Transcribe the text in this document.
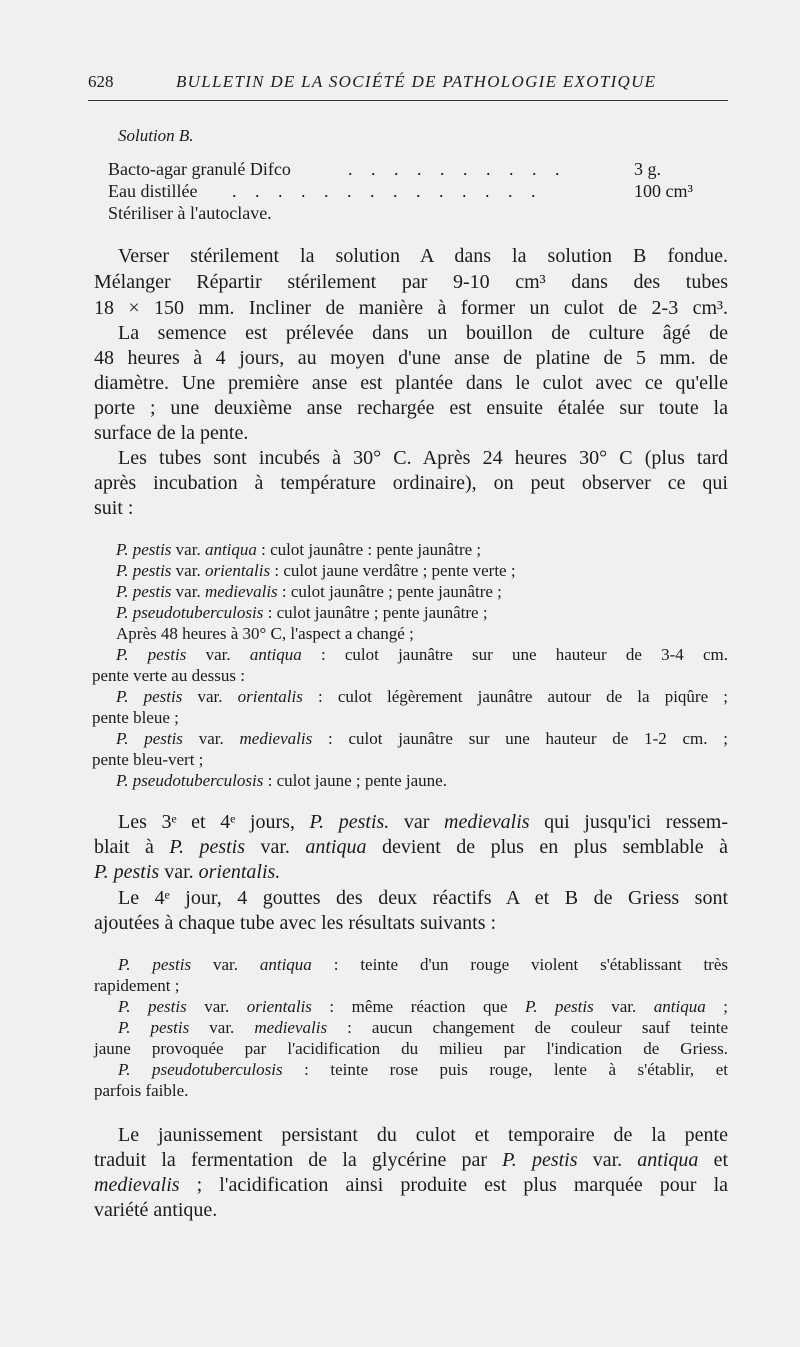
628	BULLETIN DE LA SOCIÉTÉ DE PATHOLOGIE EXOTIQUE
Solution B.
Bacto-agar granulé Difco	. . . . . . . . . .	3 g.
Eau distillée . . . . . . . . . . . . . .	100 cm³
Stériliser à l'autoclave.
Verser stérilement la solution A dans la solution B fondue.
Mélanger Répartir stérilement par 9-10 cm³ dans des tubes
18 × 150 mm. Incliner de manière à former un culot de 2-3 cm³.
La semence est prélevée dans un bouillon de culture âgé de
48 heures à 4 jours, au moyen d'une anse de platine de 5 mm. de
diamètre. Une première anse est plantée dans le culot avec ce qu'elle
porte ; une deuxième anse rechargée est ensuite étalée sur toute la
surface de la pente.
Les tubes sont incubés à 30° C. Après 24 heures 30° C (plus tard
après incubation à température ordinaire), on peut observer ce qui
suit :
P. pestis var. antiqua : culot jaunâtre : pente jaunâtre ;
P. pestis var. orientalis : culot jaune verdâtre ; pente verte ;
P. pestis var. medievalis : culot jaunâtre ; pente jaunâtre ;
P. pseudotuberculosis : culot jaunâtre ; pente jaunâtre ;
Après 48 heures à 30° C, l'aspect a changé ;
P. pestis var. antiqua : culot jaunâtre sur une hauteur de 3-4 cm.
pente verte au dessus :
P. pestis var. orientalis : culot légèrement jaunâtre autour de la piqûre ;
pente bleue ;
P. pestis var. medievalis : culot jaunâtre sur une hauteur de 1-2 cm. ;
pente bleu-vert ;
P. pseudotuberculosis : culot jaune ; pente jaune.
Les 3ᵉ et 4ᵉ jours, P. pestis. var medievalis qui jusqu'ici ressem-
blait à P. pestis var. antiqua devient de plus en plus semblable à
P. pestis var. orientalis.
Le 4ᵉ jour, 4 gouttes des deux réactifs A et B de Griess sont
ajoutées à chaque tube avec les résultats suivants :
P. pestis var. antiqua : teinte d'un rouge violent s'établissant très
rapidement ;
P. pestis var. orientalis : même réaction que P. pestis var. antiqua ;
P. pestis var. medievalis : aucun changement de couleur sauf teinte
jaune provoquée par l'acidification du milieu par l'indication de Griess.
P. pseudotuberculosis : teinte rose puis rouge, lente à s'établir, et
parfois faible.
Le jaunissement persistant du culot et temporaire de la pente
traduit la fermentation de la glycérine par P. pestis var. antiqua et
medievalis ; l'acidification ainsi produite est plus marquée pour la
variété antique.
